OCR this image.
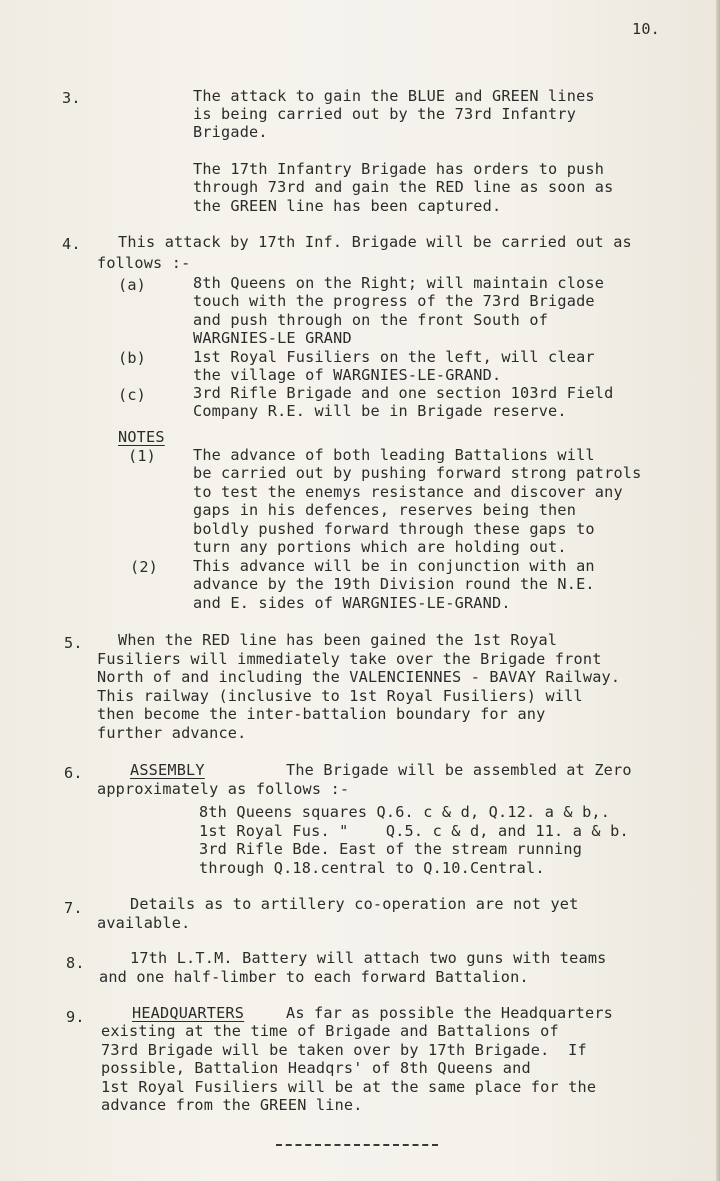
10.
3.	The attack to gain the BLUE and GREEN lines
is being carried out by the 73rd Infantry
Brigade.
The 17th Infantry Brigade has orders to push
through 73rd and gain the RED line as soon as
the GREEN line has been captured.
4. This attack by 17th Inf. Brigade will be carried out as
follows :-
(a)	8th Queens on the Right; will maintain close
touch with the progress of the 73rd Brigade
and push through on the front South of
WARGNIES-LE GRAND
(b)	1st Royal Fusiliers on the left, will clear
the village of WARGNIES-LE-GRAND.
(c)	3rd Rifle Brigade and one section 103rd Field
Company R.E. will be in Brigade reserve.
NOTES
(1) The advance of both leading Battalions will
be carried out by pushing forward strong patrols
to test the enemys resistance and discover any
gaps in his defences, reserves being then
boldly pushed forward through these gaps to
turn any portions which are holding out.
(2) This advance will be in conjunction with an
advance by the 19th Division round the N.E.
and E. sides of WARGNIES-LE-GRAND.
5. When the RED line has been gained the 1st Royal
Fusiliers will immediately take over the Brigade front
North of and including the VALENCIENNES - BAVAY Railway.
This railway (inclusive to 1st Royal Fusiliers) will
then become the inter-battalion boundary for any
further advance.
6.	ASSEMBLY	The Brigade will be assembled at Zero
approximately as follows :-
8th Queens squares Q.6. c & d, Q.12. a & b,.
1st Royal Fus. "    Q.5. c & d, and 11. a & b.
3rd Rifle Bde. East of the stream running
through Q.18.central to Q.10.Central.
7.	Details as to artillery co-operation are not yet
available.
8.	17th L.T.M. Battery will attach two guns with teams
and one half-limber to each forward Battalion.
9.	HEADQUARTERS	As far as possible the Headquarters
existing at the time of Brigade and Battalions of
73rd Brigade will be taken over by 17th Brigade.  If
possible, Battalion Headqrs' of 8th Queens and
1st Royal Fusiliers will be at the same place for the
advance from the GREEN line.
